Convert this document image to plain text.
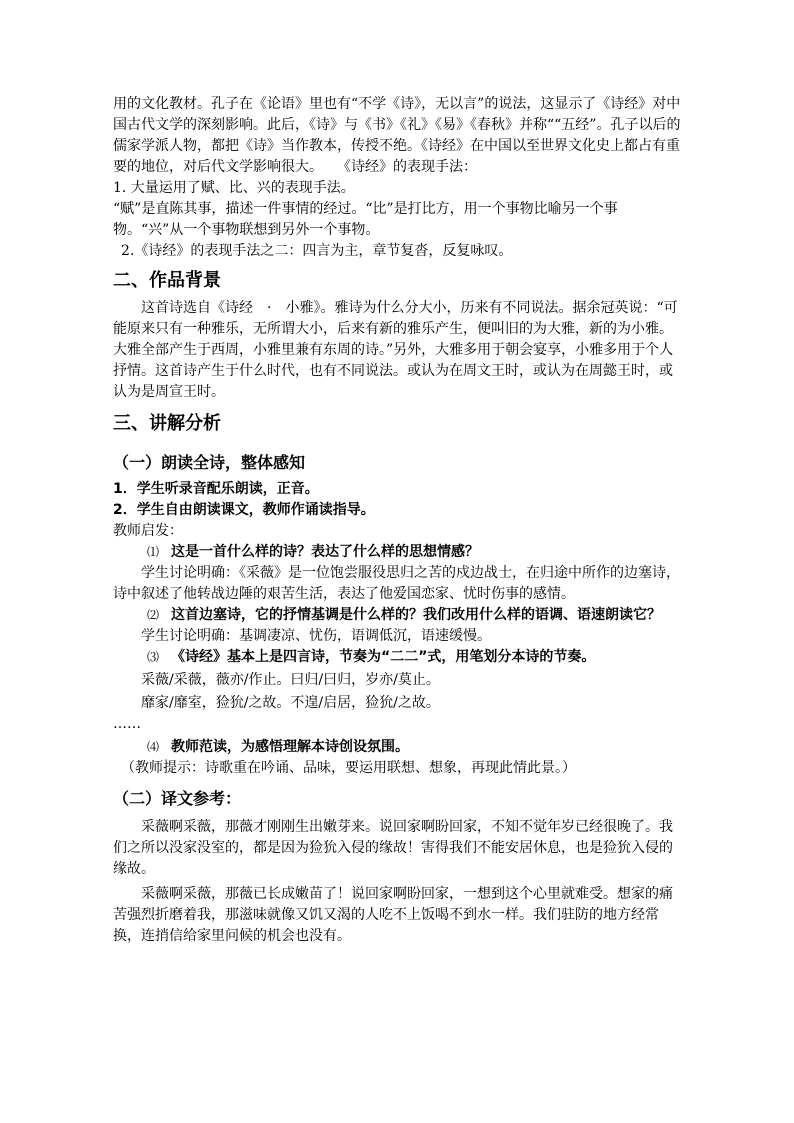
用的文化教材。孔子在《论语》里也有“不学《诗》，无以言”的说法，这显示了《诗经》对中国古代文学的深刻影响。此后，《诗》与《书》《礼》《易》《春秋》并称““五经”。孔子以后的儒家学派人物，都把《诗》当作教本，传授不绝。《诗经》在中国以至世界文化史上都占有重要的地位，对后代文学影响很大。　　《诗经》的表现手法：

1. 大量运用了赋、比、兴的表现手法。

“赋”是直陈其事，描述一件事情的经过。“比”是打比方，用一个事物比喻另一个事物。“兴”从一个事物联想到另外一个事物。

2.《诗经》的表现手法之二：四言为主，章节复沓，反复咏叹。

二、作品背景

这首诗选自《诗经　·　小雅》。雅诗为什么分大小，历来有不同说法。据余冠英说：“可能原来只有一种雅乐，无所谓大小，后来有新的雅乐产生，便叫旧的为大雅，新的为小雅。大雅全部产生于西周，小雅里兼有东周的诗。”另外，大雅多用于朝会宴享，小雅多用于个人抒情。这首诗产生于什么时代，也有不同说法。或认为在周文王时，或认为在周懿王时，或认为是周宣王时。

三、讲解分析

（一）朗读全诗，整体感知

1．学生听录音配乐朗读，正音。

2．学生自由朗读课文，教师作诵读指导。

教师启发：

⑴ 这是一首什么样的诗？表达了什么样的思想情感？

学生讨论明确：《采薇》是一位饱尝服役思归之苦的戍边战士，在归途中所作的边塞诗，诗中叙述了他转战边陲的艰苦生活，表达了他爱国恋家、忧时伤事的感情。

⑵ 这首边塞诗，它的抒情基调是什么样的？我们改用什么样的语调、语速朗读它？

学生讨论明确：基调凄凉、忧伤，语调低沉，语速缓慢。

⑶ 《诗经》基本上是四言诗，节奏为“二二”式，用笔划分本诗的节奏。

采薇/采薇，薇亦/作止。曰归/曰归，岁亦/莫止。

靡家/靡室，猃狁/之故。不遑/启居，猃狁/之故。

……

⑷ 教师范读，为感悟理解本诗创设氛围。

（教师提示：诗歌重在吟诵、品味，要运用联想、想象，再现此情此景。）

（二）译文参考：

采薇啊采薇，那薇才刚刚生出嫩芽来。说回家啊盼回家，不知不觉年岁已经很晚了。我们之所以没家没室的，都是因为猃狁入侵的缘故！害得我们不能安居休息，也是猃狁入侵的缘故。

采薇啊采薇，那薇已长成嫩苗了！说回家啊盼回家，一想到这个心里就难受。想家的痛苦强烈折磨着我，那滋味就像又饥又渴的人吃不上饭喝不到水一样。我们驻防的地方经常换，连捎信给家里问候的机会也没有。
